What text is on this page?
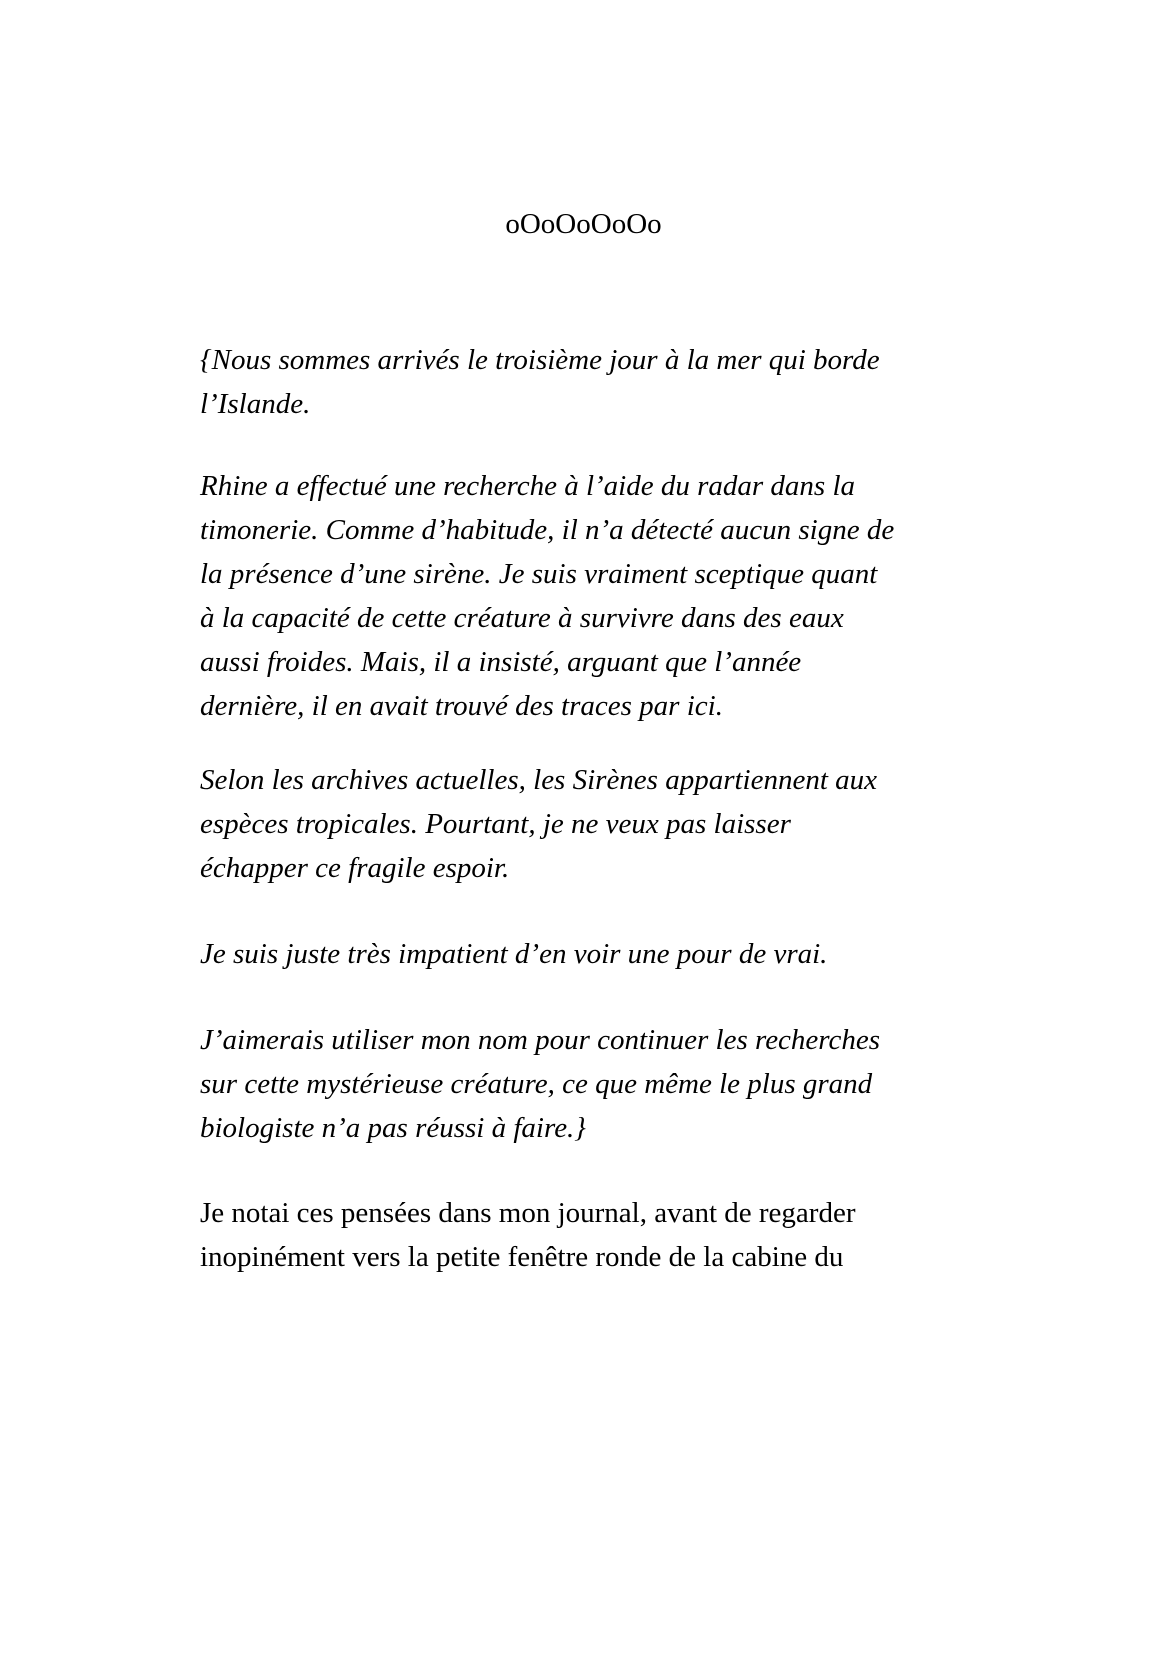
oOoOoOoOo

{Nous sommes arrivés le troisième jour à la mer qui borde
l’Islande.

Rhine a effectué une recherche à l’aide du radar dans la
timonerie. Comme d’habitude, il n’a détecté aucun signe de
la présence d’une sirène. Je suis vraiment sceptique quant
à la capacité de cette créature à survivre dans des eaux
aussi froides. Mais, il a insisté, arguant que l’année
dernière, il en avait trouvé des traces par ici.

Selon les archives actuelles, les Sirènes appartiennent aux
espèces tropicales. Pourtant, je ne veux pas laisser
échapper ce fragile espoir.

Je suis juste très impatient d’en voir une pour de vrai.

J’aimerais utiliser mon nom pour continuer les recherches
sur cette mystérieuse créature, ce que même le plus grand
biologiste n’a pas réussi à faire.}

Je notai ces pensées dans mon journal, avant de regarder
inopinément vers la petite fenêtre ronde de la cabine du
